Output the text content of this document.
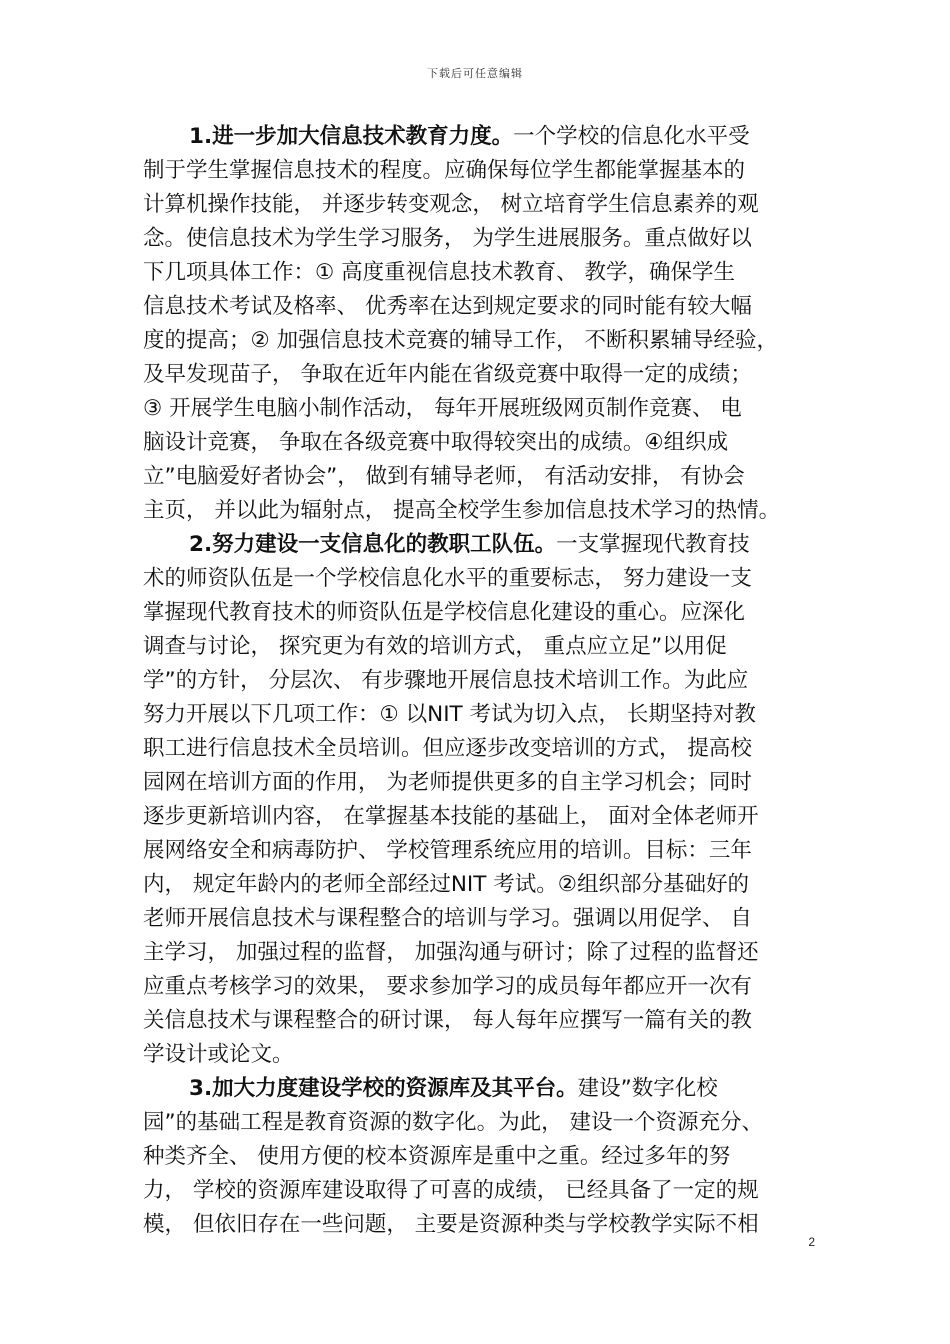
下载后可任意编辑
1.进一步加大信息技术教育力度。一个学校的信息化水平受
制于学生掌握信息技术的程度。应确保每位学生都能掌握基本的
计算机操作技能， 并逐步转变观念， 树立培育学生信息素养的观
念。使信息技术为学生学习服务， 为学生进展服务。重点做好以
下几项具体工作：① 高度重视信息技术教育、 教学，确保学生
信息技术考试及格率、 优秀率在达到规定要求的同时能有较大幅
度的提高；② 加强信息技术竞赛的辅导工作， 不断积累辅导经验，
及早发现苗子， 争取在近年内能在省级竞赛中取得一定的成绩；
③ 开展学生电脑小制作活动， 每年开展班级网页制作竞赛、 电
脑设计竞赛， 争取在各级竞赛中取得较突出的成绩。④组织成
立”电脑爱好者协会”， 做到有辅导老师， 有活动安排， 有协会
主页， 并以此为辐射点， 提高全校学生参加信息技术学习的热情。
2.努力建设一支信息化的教职工队伍。一支掌握现代教育技
术的师资队伍是一个学校信息化水平的重要标志， 努力建设一支
掌握现代教育技术的师资队伍是学校信息化建设的重心。应深化
调查与讨论， 探究更为有效的培训方式， 重点应立足”以用促
学”的方针， 分层次、 有步骤地开展信息技术培训工作。为此应
努力开展以下几项工作：① 以NIT 考试为切入点， 长期坚持对教
职工进行信息技术全员培训。但应逐步改变培训的方式， 提高校
园网在培训方面的作用， 为老师提供更多的自主学习机会；同时
逐步更新培训内容， 在掌握基本技能的基础上， 面对全体老师开
展网络安全和病毒防护、 学校管理系统应用的培训。目标：三年
内， 规定年龄内的老师全部经过NIT 考试。②组织部分基础好的
老师开展信息技术与课程整合的培训与学习。强调以用促学、 自
主学习， 加强过程的监督， 加强沟通与研讨；除了过程的监督还
应重点考核学习的效果， 要求参加学习的成员每年都应开一次有
关信息技术与课程整合的研讨课， 每人每年应撰写一篇有关的教
学设计或论文。
3.加大力度建设学校的资源库及其平台。建设”数字化校
园”的基础工程是教育资源的数字化。为此， 建设一个资源充分、
种类齐全、 使用方便的校本资源库是重中之重。经过多年的努
力， 学校的资源库建设取得了可喜的成绩， 已经具备了一定的规
模， 但依旧存在一些问题， 主要是资源种类与学校教学实际不相
2
